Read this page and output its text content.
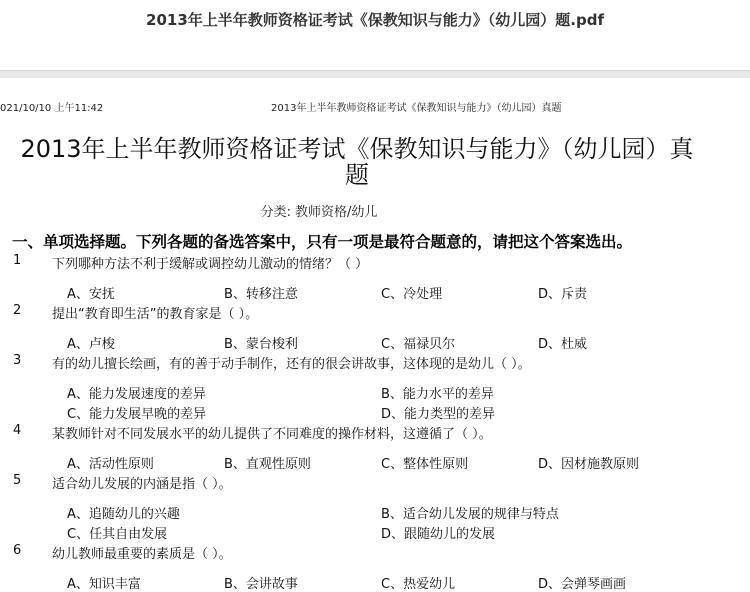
2013年上半年教师资格证考试《保教知识与能力》（幼儿园）题.pdf
021/10/10 上午11:42	2013年上半年教师资格证考试《保教知识与能力》（幼儿园）真题
2013年上半年教师资格证考试《保教知识与能力》（幼儿园）真题
分类: 教师资格/幼儿
一、单项选择题。下列各题的备选答案中，只有一项是最符合题意的，请把这个答案选出。
1 下列哪种方法不利于缓解或调控幼儿激动的情绪？（ ）
A、安抚	B、转移注意	C、冷处理	D、斥责
2 提出“教育即生活”的教育家是（ ）。
A、卢梭	B、蒙台梭利	C、福禄贝尔	D、杜威
3 有的幼儿擅长绘画，有的善于动手制作，还有的很会讲故事，这体现的是幼儿（ ）。
A、能力发展速度的差异	B、能力水平的差异
C、能力发展早晚的差异	D、能力类型的差异
4 某教师针对不同发展水平的幼儿提供了不同难度的操作材料，这遵循了（ ）。
A、活动性原则	B、直观性原则	C、整体性原则	D、因材施教原则
5 适合幼儿发展的内涵是指（ ）。
A、追随幼儿的兴趣	B、适合幼儿发展的规律与特点
C、任其自由发展	D、跟随幼儿的发展
6 幼儿教师最重要的素质是（ ）。
A、知识丰富	B、会讲故事	C、热爱幼儿	D、会弹琴画画
